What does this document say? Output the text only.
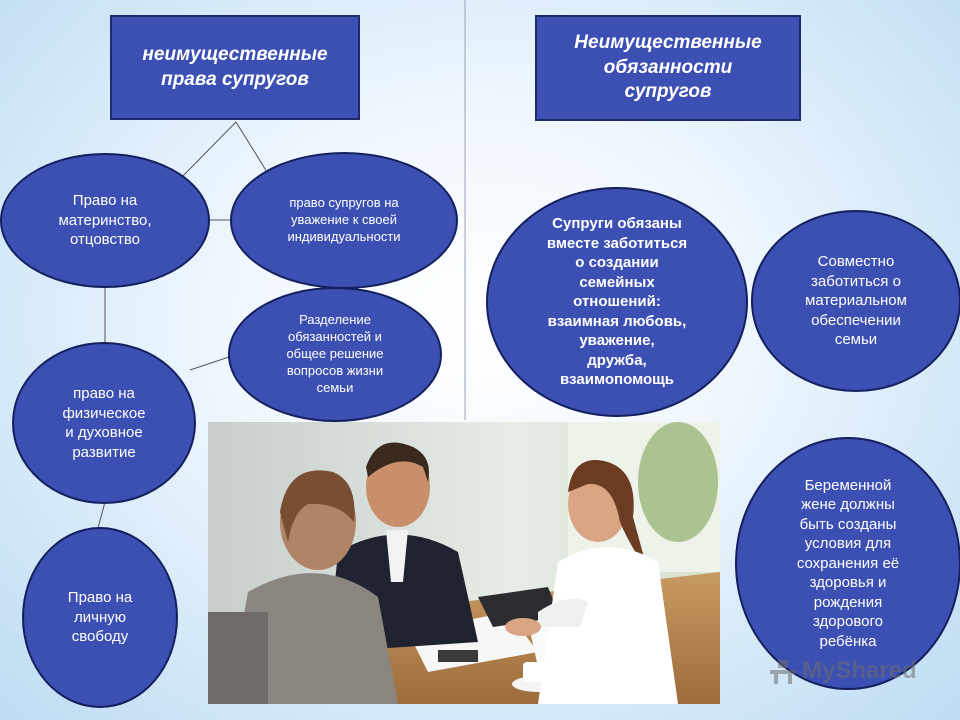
неимущественные
права супругов
Неимущественные
обязанности
супругов
Право на
материнство,
отцовство
право супругов на
уважение к своей
индивидуальности
Разделение
обязанностей и
общее решение
вопросов жизни
семьи
право на
физическое
и духовное
развитие
Право на
личную
свободу
Супруги обязаны
вместе заботиться
о создании
семейных
отношений:
взаимная любовь,
уважение,
дружба,
взаимопомощь
Совместно
заботиться о
материальном
обеспечении
семьи
Беременной
жене должны
быть созданы
условия для
сохранения её
здоровья и
рождения
здорового
ребёнка
MyShared
